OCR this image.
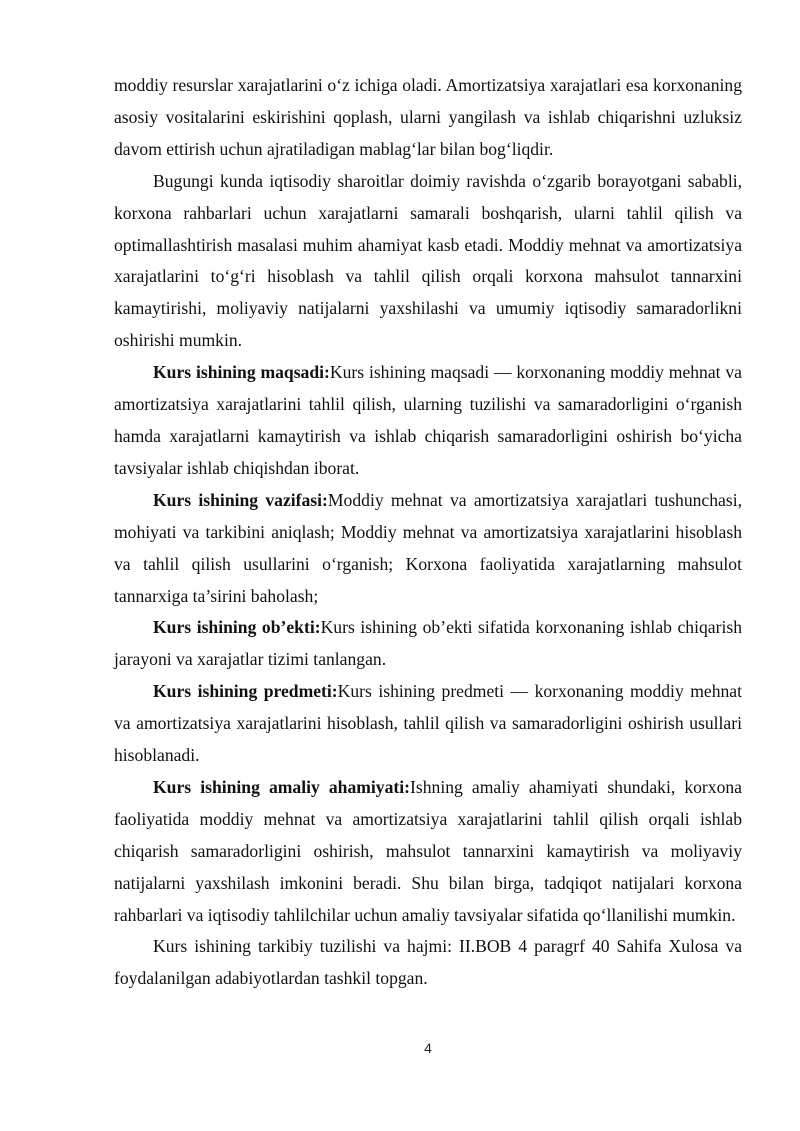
moddiy resurslar xarajatlarini o‘z ichiga oladi. Amortizatsiya xarajatlari esa korxonaning asosiy vositalarini eskirishini qoplash, ularni yangilash va ishlab chiqarishni uzluksiz davom ettirish uchun ajratiladigan mablag‘lar bilan bog‘liqdir.

Bugungi kunda iqtisodiy sharoitlar doimiy ravishda o‘zgarib borayotgani sababli, korxona rahbarlari uchun xarajatlarni samarali boshqarish, ularni tahlil qilish va optimallashtirish masalasi muhim ahamiyat kasb etadi. Moddiy mehnat va amortizatsiya xarajatlarini to‘g‘ri hisoblash va tahlil qilish orqali korxona mahsulot tannarxini kamaytirishi, moliyaviy natijalarni yaxshilashi va umumiy iqtisodiy samaradorlikni oshirishi mumkin.

Kurs ishining maqsadi:Kurs ishining maqsadi — korxonaning moddiy mehnat va amortizatsiya xarajatlarini tahlil qilish, ularning tuzilishi va samaradorligini o‘rganish hamda xarajatlarni kamaytirish va ishlab chiqarish samaradorligini oshirish bo‘yicha tavsiyalar ishlab chiqishdan iborat.

Kurs ishining vazifasi:Moddiy mehnat va amortizatsiya xarajatlari tushunchasi, mohiyati va tarkibini aniqlash; Moddiy mehnat va amortizatsiya xarajatlarini hisoblash va tahlil qilish usullarini o‘rganish; Korxona faoliyatida xarajatlarning mahsulot tannarxiga ta’sirini baholash;

Kurs ishining ob’ekti:Kurs ishining ob’ekti sifatida korxonaning ishlab chiqarish jarayoni va xarajatlar tizimi tanlangan.

Kurs ishining predmeti:Kurs ishining predmeti — korxonaning moddiy mehnat va amortizatsiya xarajatlarini hisoblash, tahlil qilish va samaradorligini oshirish usullari hisoblanadi.

Kurs ishining amaliy ahamiyati:Ishning amaliy ahamiyati shundaki, korxona faoliyatida moddiy mehnat va amortizatsiya xarajatlarini tahlil qilish orqali ishlab chiqarish samaradorligini oshirish, mahsulot tannarxini kamaytirish va moliyaviy natijalarni yaxshilash imkonini beradi. Shu bilan birga, tadqiqot natijalari korxona rahbarlari va iqtisodiy tahlilchilar uchun amaliy tavsiyalar sifatida qo‘llanilishi mumkin.

Kurs ishining tarkibiy tuzilishi va hajmi: II.BOB 4 paragrf 40 Sahifa Xulosa va foydalanilgan adabiyotlardan tashkil topgan.

4
